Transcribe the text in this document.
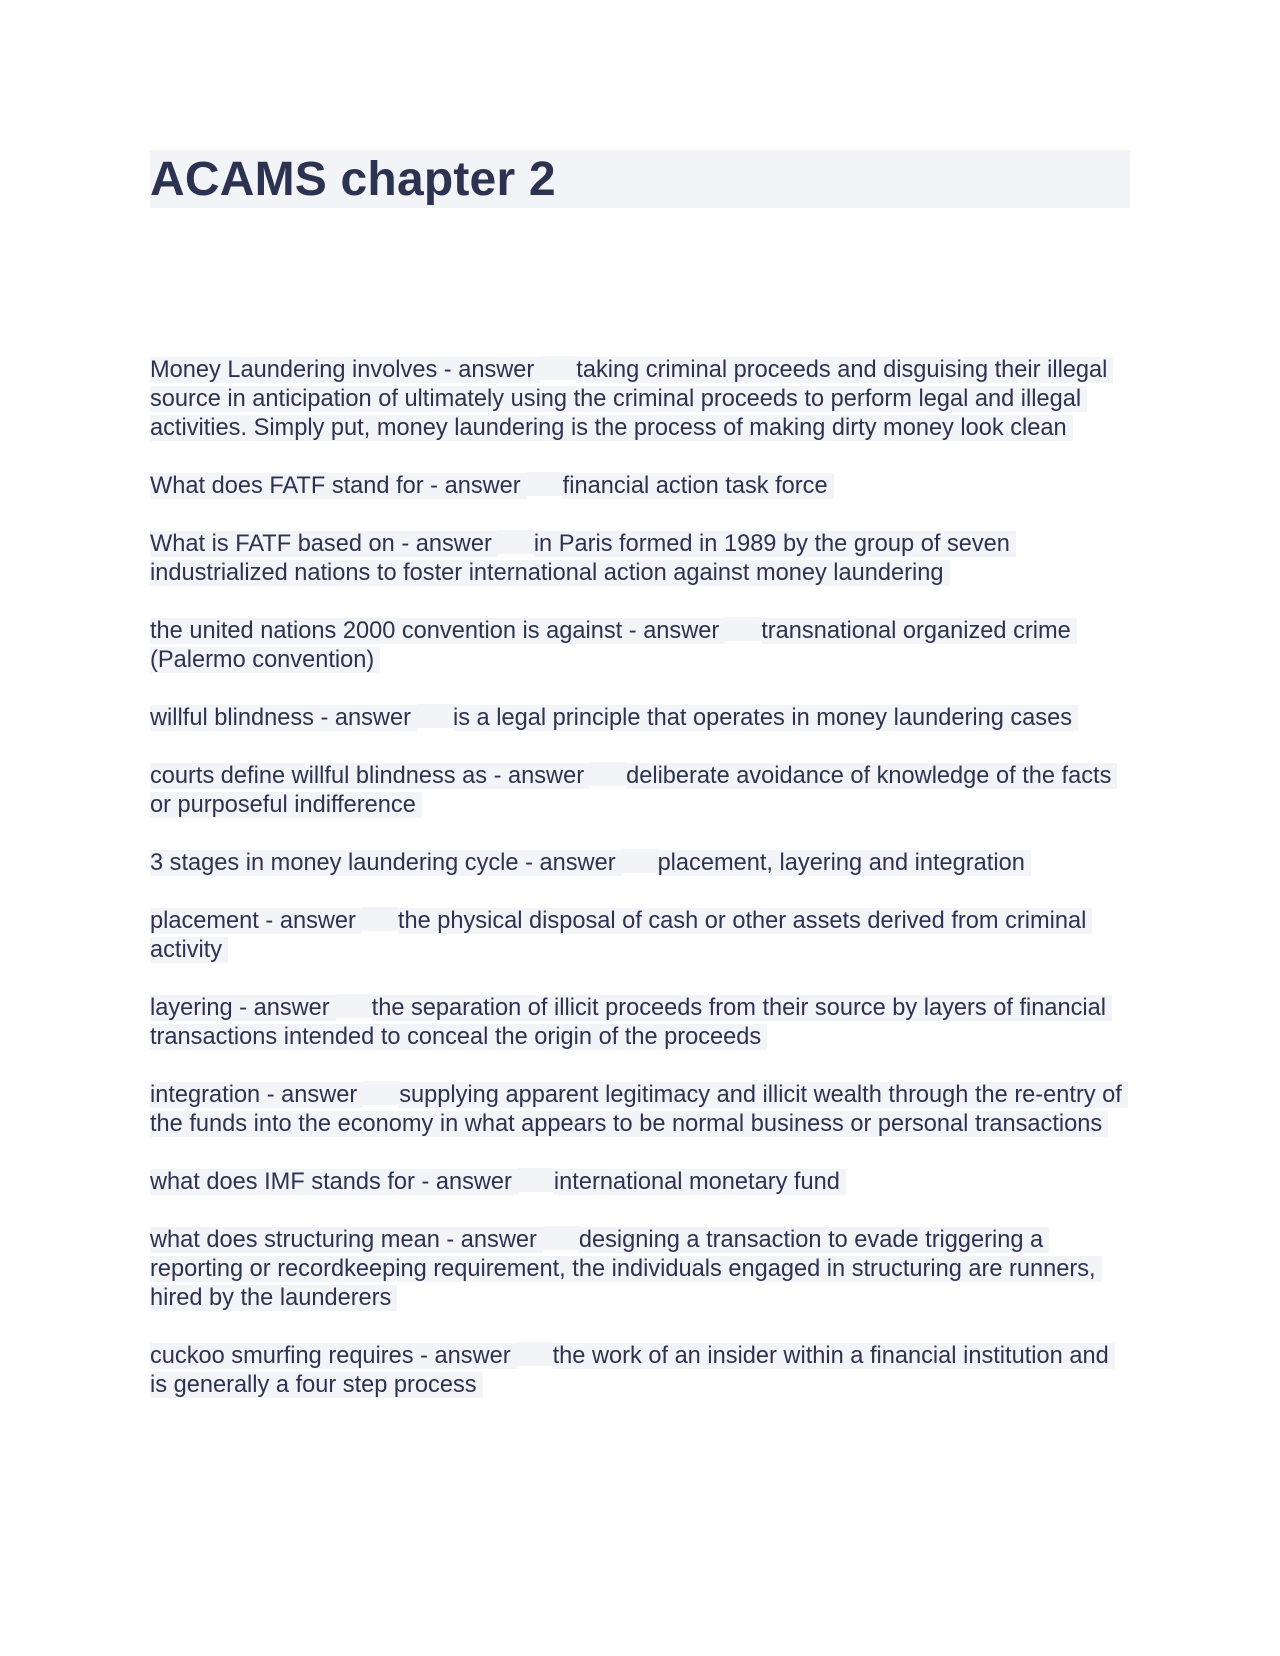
ACAMS chapter 2

Money Laundering involves - answer taking criminal proceeds and disguising their illegal source in anticipation of ultimately using the criminal proceeds to perform legal and illegal activities. Simply put, money laundering is the process of making dirty money look clean

What does FATF stand for - answer financial action task force

What is FATF based on - answer in Paris formed in 1989 by the group of seven industrialized nations to foster international action against money laundering

the united nations 2000 convention is against - answer transnational organized crime (Palermo convention)

willful blindness - answer is a legal principle that operates in money laundering cases

courts define willful blindness as - answer deliberate avoidance of knowledge of the facts or purposeful indifference

3 stages in money laundering cycle - answer placement, layering and integration

placement - answer the physical disposal of cash or other assets derived from criminal activity

layering - answer the separation of illicit proceeds from their source by layers of financial transactions intended to conceal the origin of the proceeds

integration - answer supplying apparent legitimacy and illicit wealth through the re-entry of the funds into the economy in what appears to be normal business or personal transactions

what does IMF stands for - answer international monetary fund

what does structuring mean - answer designing a transaction to evade triggering a reporting or recordkeeping requirement, the individuals engaged in structuring are runners, hired by the launderers

cuckoo smurfing requires - answer the work of an insider within a financial institution and is generally a four step process
